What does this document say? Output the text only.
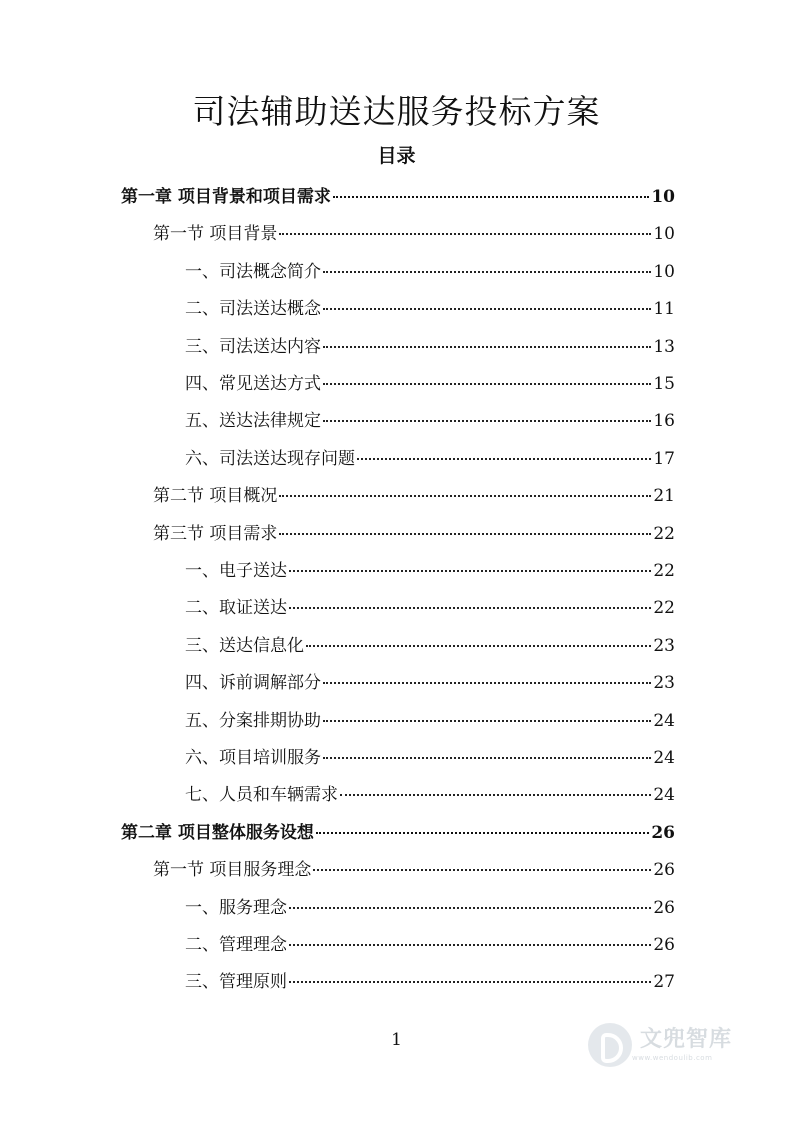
司法辅助送达服务投标方案
目录
第一章 项目背景和项目需求	10
第一节 项目背景	10
一、司法概念简介	10
二、司法送达概念	11
三、司法送达内容	13
四、常见送达方式	15
五、送达法律规定	16
六、司法送达现存问题	17
第二节 项目概况	21
第三节 项目需求	22
一、电子送达	22
二、取证送达	22
三、送达信息化	23
四、诉前调解部分	23
五、分案排期协助	24
六、项目培训服务	24
七、人员和车辆需求	24
第二章 项目整体服务设想	26
第一节 项目服务理念	26
一、服务理念	26
二、管理理念	26
三、管理原则	27
1	文兜智库
www.wendoulib.com
